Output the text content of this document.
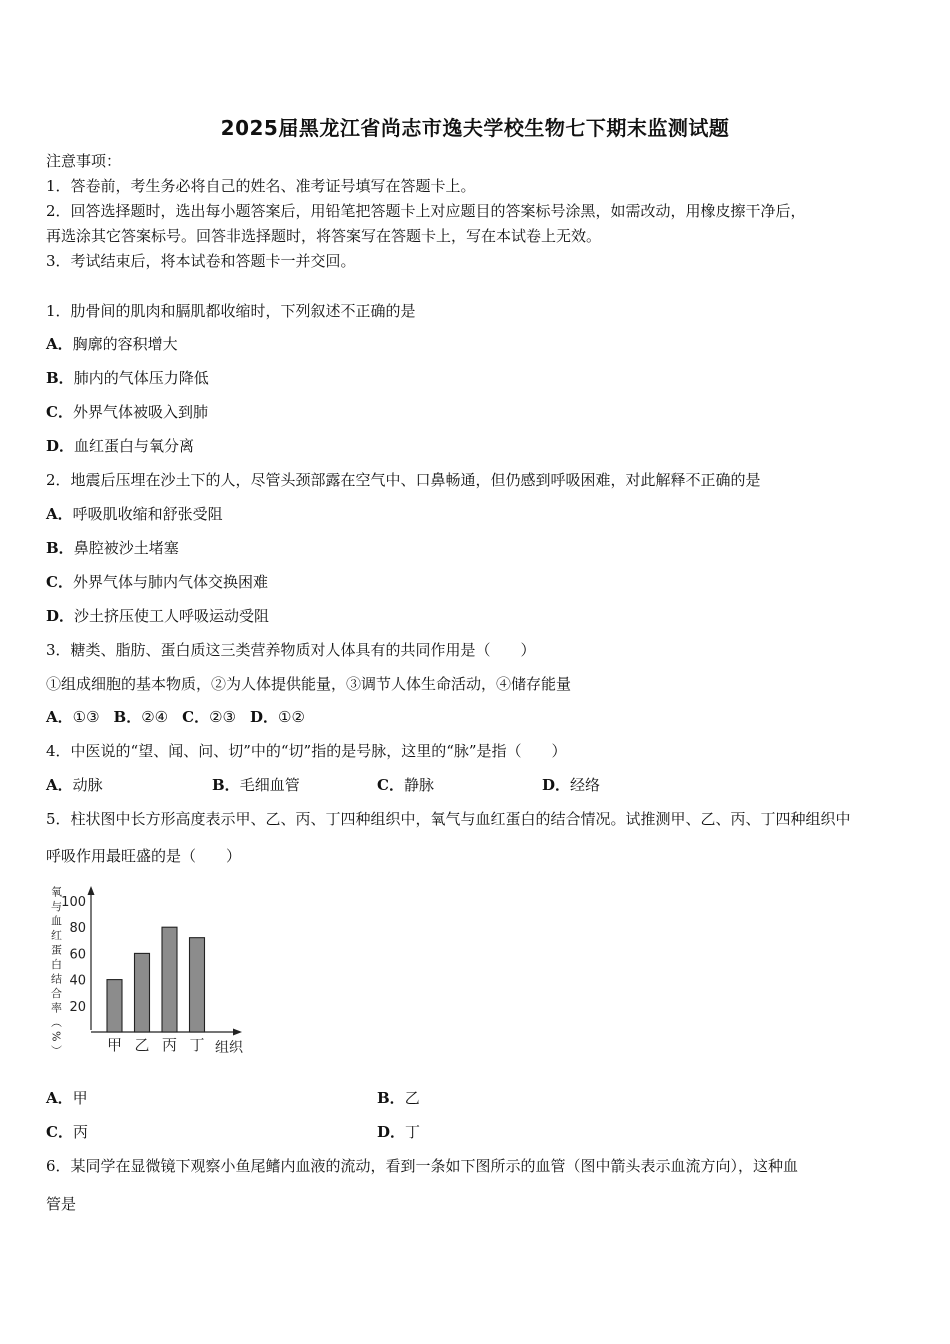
2025届黑龙江省尚志市逸夫学校生物七下期末监测试题
注意事项：
1．答卷前，考生务必将自己的姓名、准考证号填写在答题卡上。
2．回答选择题时，选出每小题答案后，用铅笔把答题卡上对应题目的答案标号涂黑，如需改动，用橡皮擦干净后，
再选涂其它答案标号。回答非选择题时，将答案写在答题卡上，写在本试卷上无效。
3．考试结束后，将本试卷和答题卡一并交回。
1．肋骨间的肌肉和膈肌都收缩时，下列叙述不正确的是
A．胸廓的容积增大
B．肺内的气体压力降低
C．外界气体被吸入到肺
D．血红蛋白与氧分离
2．地震后压埋在沙土下的人，尽管头颈部露在空气中、口鼻畅通，但仍感到呼吸困难，对此解释不正确的是
A．呼吸肌收缩和舒张受阻
B．鼻腔被沙土堵塞
C．外界气体与肺内气体交换困难
D．沙土挤压使工人呼吸运动受阻
3．糖类、脂肪、蛋白质这三类营养物质对人体具有的共同作用是（　　）
①组成细胞的基本物质，②为人体提供能量，③调节人体生命活动，④储存能量
A．①③ B．②④ C．②③ D．①②
4．中医说的“望、闻、问、切”中的“切”指的是号脉，这里的“脉”是指（　　）
A．动脉	B．毛细血管	C．静脉	D．经络
5．柱状图中长方形高度表示甲、乙、丙、丁四种组织中，氧气与血红蛋白的结合情况。试推测甲、乙、丙、丁四种组织中
呼吸作用最旺盛的是（　　）
氧与血红蛋白结合率（%） 20
40
60
80
100
甲 乙 丙 丁 组织
A．甲	B．乙
C．丙	D．丁
6．某同学在显微镜下观察小鱼尾鳍内血液的流动，看到一条如下图所示的血管（图中箭头表示血流方向），这种血
管是
